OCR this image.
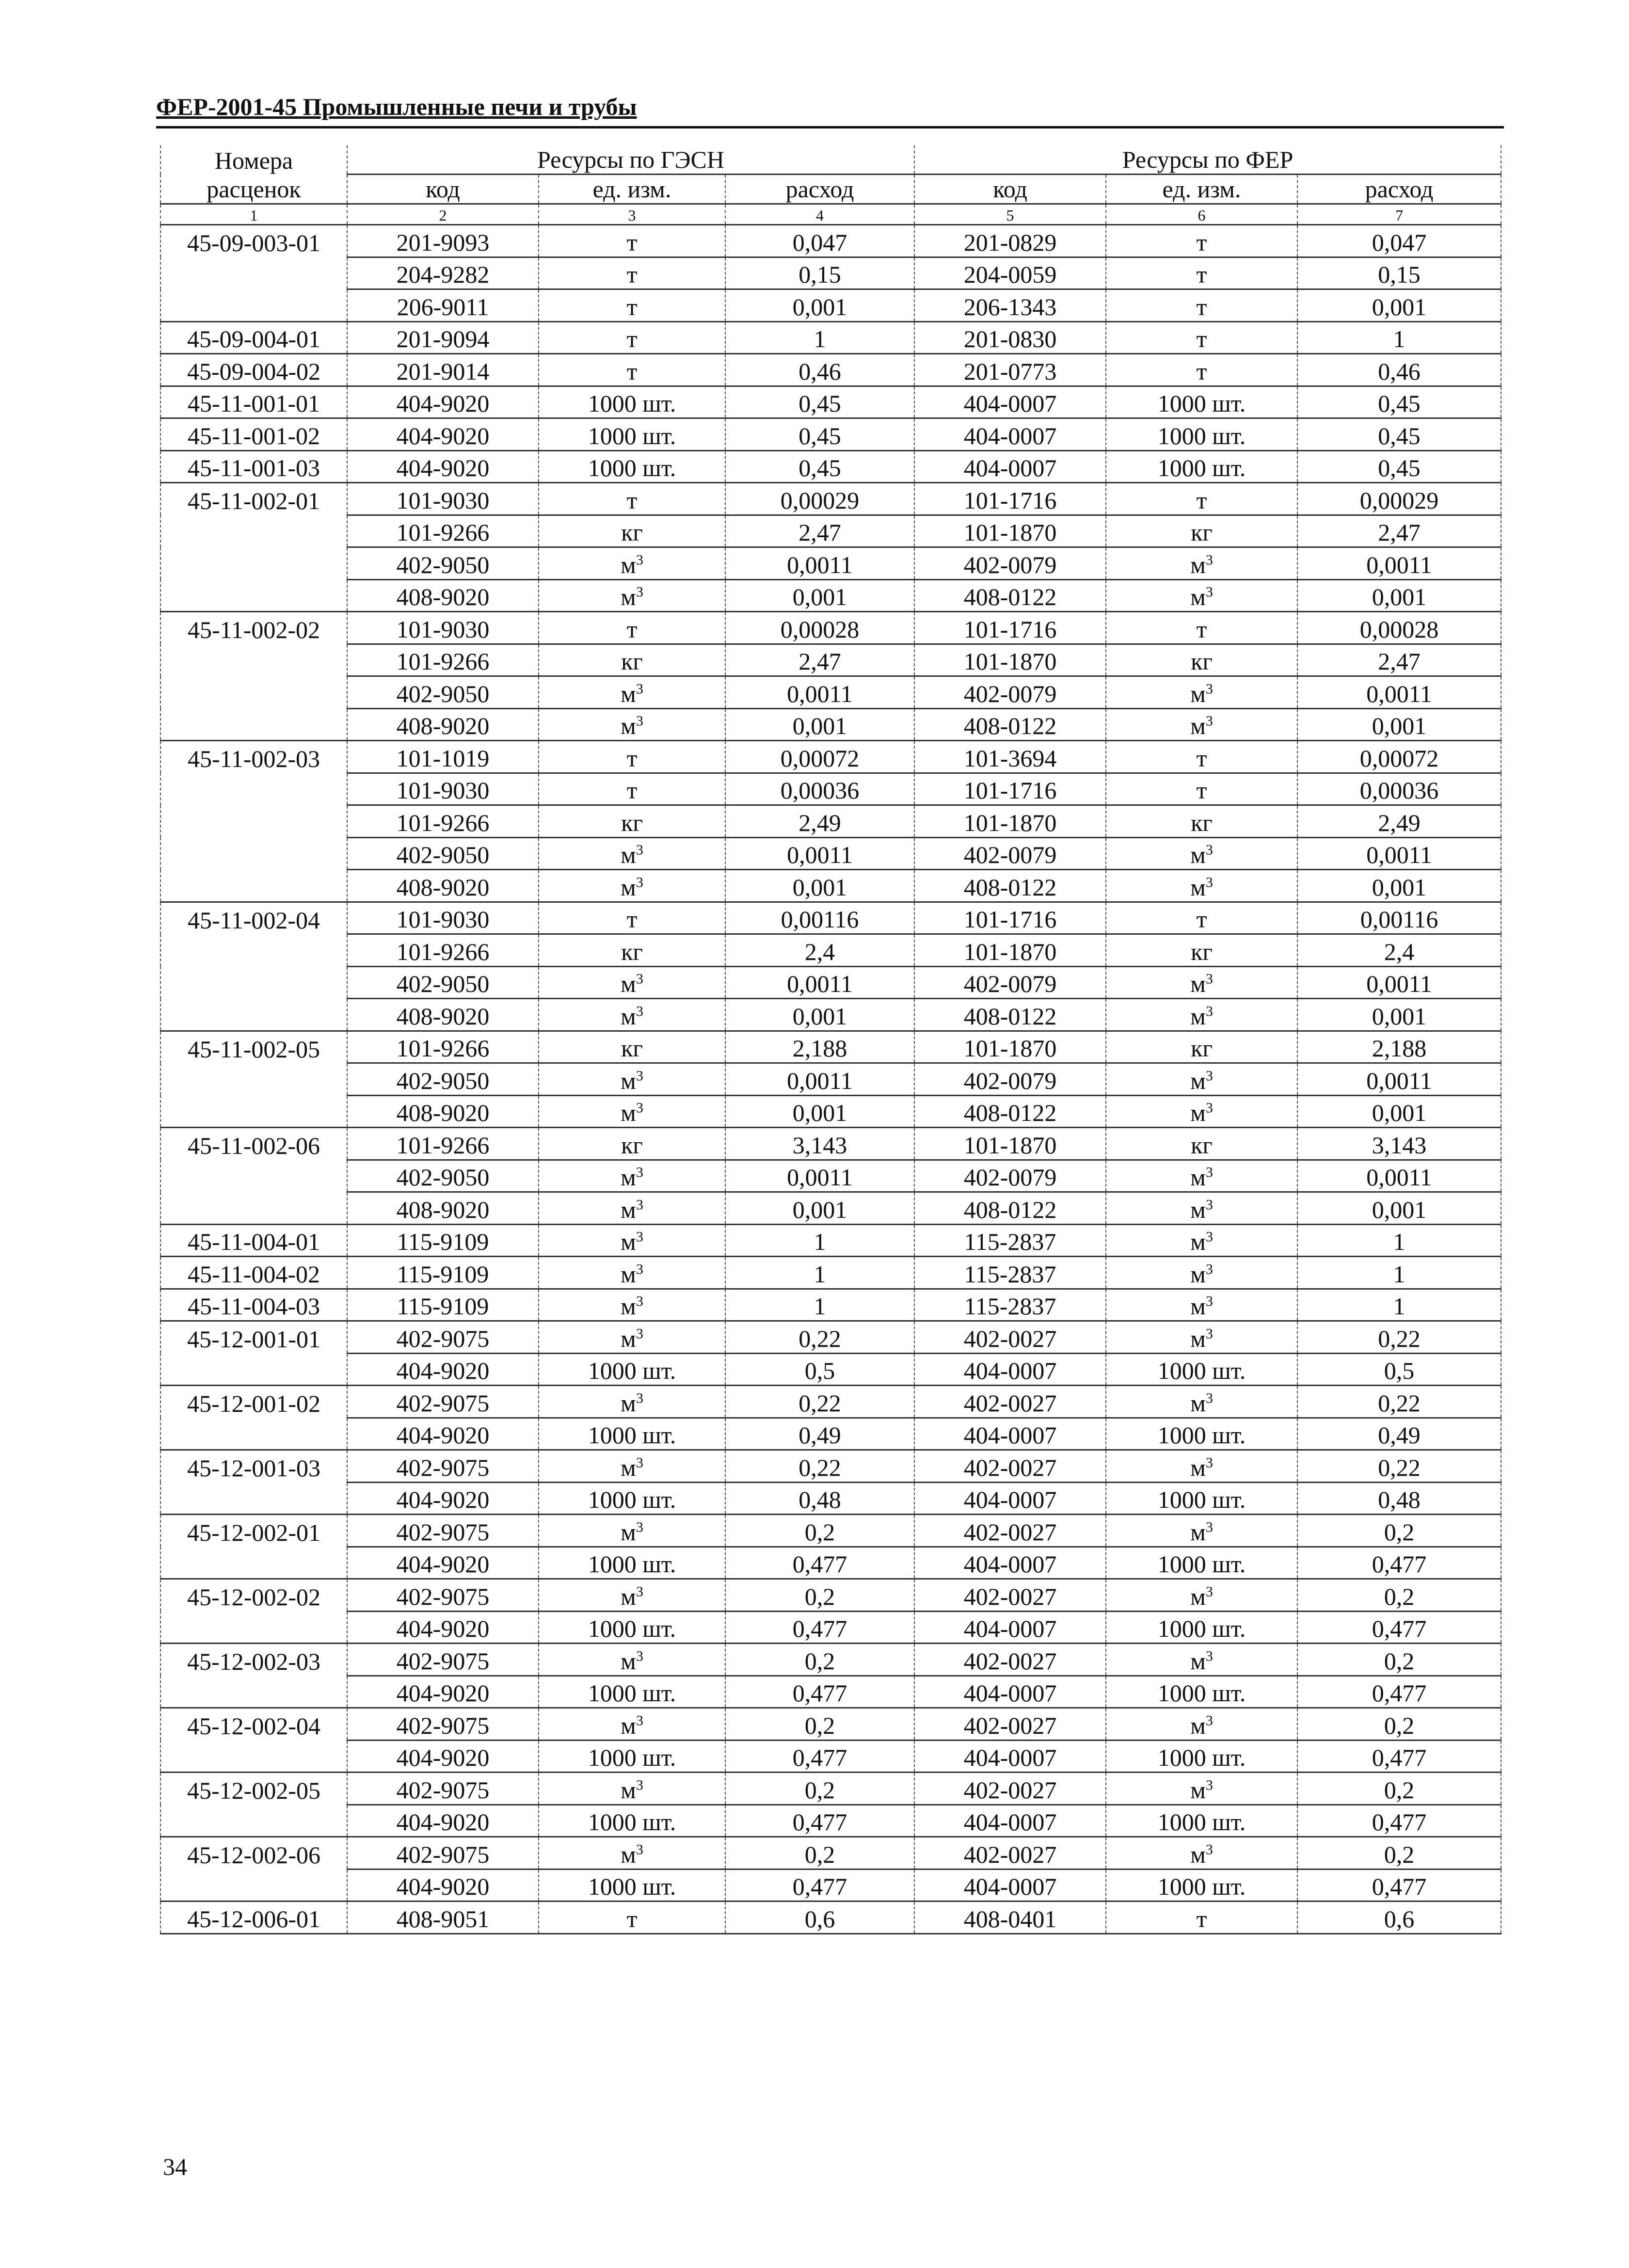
ФЕР-2001-45 Промышленные печи и трубы
Номера	Ресурсы по ГЭСН			Ресурсы по ФЕР		
расценок	код	ед. изм.	расход	код	ед. изм.	расход
1	2	3	4	5	6	7
45-09-003-01	201-9093	т	0,047	201-0829	т	0,047
	204-9282	т	0,15	204-0059	т	0,15
	206-9011	т	0,001	206-1343	т	0,001
45-09-004-01	201-9094	т	1	201-0830	т	1
45-09-004-02	201-9014	т	0,46	201-0773	т	0,46
45-11-001-01	404-9020	1000 шт.	0,45	404-0007	1000 шт.	0,45
45-11-001-02	404-9020	1000 шт.	0,45	404-0007	1000 шт.	0,45
45-11-001-03	404-9020	1000 шт.	0,45	404-0007	1000 шт.	0,45
45-11-002-01	101-9030	т	0,00029	101-1716	т	0,00029
	101-9266	кг	2,47	101-1870	кг	2,47
	402-9050	$м^3$	0,0011	402-0079	$м^3$	0,0011
	408-9020	$м^3$	0,001	408-0122	$м^3$	0,001
45-11-002-02	101-9030	т	0,00028	101-1716	т	0,00028
	101-9266	кг	2,47	101-1870	кг	2,47
	402-9050	$м^3$	0,0011	402-0079	$м^3$	0,0011
	408-9020	$м^3$	0,001	408-0122	$м^3$	0,001
45-11-002-03	101-1019	т	0,00072	101-3694	т	0,00072
	101-9030	т	0,00036	101-1716	т	0,00036
	101-9266	кг	2,49	101-1870	кг	2,49
	402-9050	$м^3$	0,0011	402-0079	$м^3$	0,0011
	408-9020	$м^3$	0,001	408-0122	$м^3$	0,001
45-11-002-04	101-9030	т	0,00116	101-1716	т	0,00116
	101-9266	кг	2,4	101-1870	кг	2,4
	402-9050	$м^3$	0,0011	402-0079	$м^3$	0,0011
	408-9020	$м^3$	0,001	408-0122	$м^3$	0,001
45-11-002-05	101-9266	кг	2,188	101-1870	кг	2,188
	402-9050	$м^3$	0,0011	402-0079	$м^3$	0,0011
	408-9020	$м^3$	0,001	408-0122	$м^3$	0,001
45-11-002-06	101-9266	кг	3,143	101-1870	кг	3,143
	402-9050	$м^3$	0,0011	402-0079	$м^3$	0,0011
	408-9020	$м^3$	0,001	408-0122	$м^3$	0,001
45-11-004-01	115-9109	$м^3$	1	115-2837	$м^3$	1
45-11-004-02	115-9109	$м^3$	1	115-2837	$м^3$	1
45-11-004-03	115-9109	$м^3$	1	115-2837	$м^3$	1
45-12-001-01	402-9075	$м^3$	0,22	402-0027	$м^3$	0,22
	404-9020	1000 шт.	0,5	404-0007	1000 шт.	0,5
45-12-001-02	402-9075	$м^3$	0,22	402-0027	$м^3$	0,22
	404-9020	1000 шт.	0,49	404-0007	1000 шт.	0,49
45-12-001-03	402-9075	$м^3$	0,22	402-0027	$м^3$	0,22
	404-9020	1000 шт.	0,48	404-0007	1000 шт.	0,48
45-12-002-01	402-9075	$м^3$	0,2	402-0027	$м^3$	0,2
	404-9020	1000 шт.	0,477	404-0007	1000 шт.	0,477
45-12-002-02	402-9075	$м^3$	0,2	402-0027	$м^3$	0,2
	404-9020	1000 шт.	0,477	404-0007	1000 шт.	0,477
45-12-002-03	402-9075	$м^3$	0,2	402-0027	$м^3$	0,2
	404-9020	1000 шт.	0,477	404-0007	1000 шт.	0,477
45-12-002-04	402-9075	$м^3$	0,2	402-0027	$м^3$	0,2
	404-9020	1000 шт.	0,477	404-0007	1000 шт.	0,477
45-12-002-05	402-9075	$м^3$	0,2	402-0027	$м^3$	0,2
	404-9020	1000 шт.	0,477	404-0007	1000 шт.	0,477
45-12-002-06	402-9075	$м^3$	0,2	402-0027	$м^3$	0,2
	404-9020	1000 шт.	0,477	404-0007	1000 шт.	0,477
45-12-006-01	408-9051	т	0,6	408-0401	т	0,6
34
